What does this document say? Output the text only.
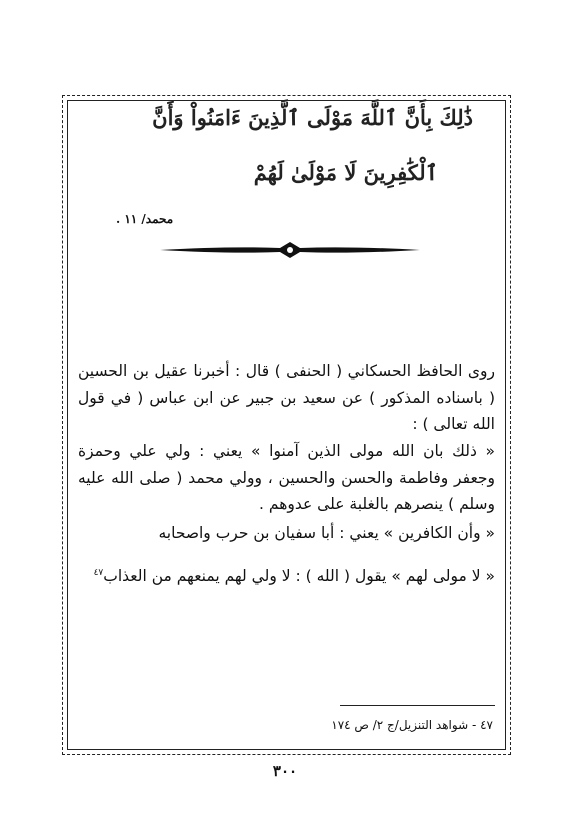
ذَٰلِكَ بِأَنَّ ٱللَّهَ مَوْلَى ٱلَّذِينَ ءَامَنُواْ وَأَنَّ
ٱلْكَٰفِرِينَ لَا مَوْلَىٰ لَهُمْ
محمد/ ١١ .
روى الحافظ الحسكاني ( الحنفى ) قال : أخبرنا عقيل بن الحسين ( باسناده المذكور ) عن سعيد بن جبير عن ابن عباس ( في قول الله تعالى ) :
« ذلك بان الله مولى الذين آمنوا » يعني : ولي علي وحمزة وجعفر وفاطمة والحسن والحسين ، وولي محمد ( صلى الله عليه وسلم ) ينصرهم بالغلبة على عدوهم .
« وأن الكافرين » يعني : أبا سفيان بن حرب واصحابه
« لا مولى لهم » يقول ( الله ) : لا ولي لهم يمنعهم من العذاب$^{٤٧}$
٤٧ - شواهد التنزيل/ج ٢/ ص ١٧٤
٣٠٠
